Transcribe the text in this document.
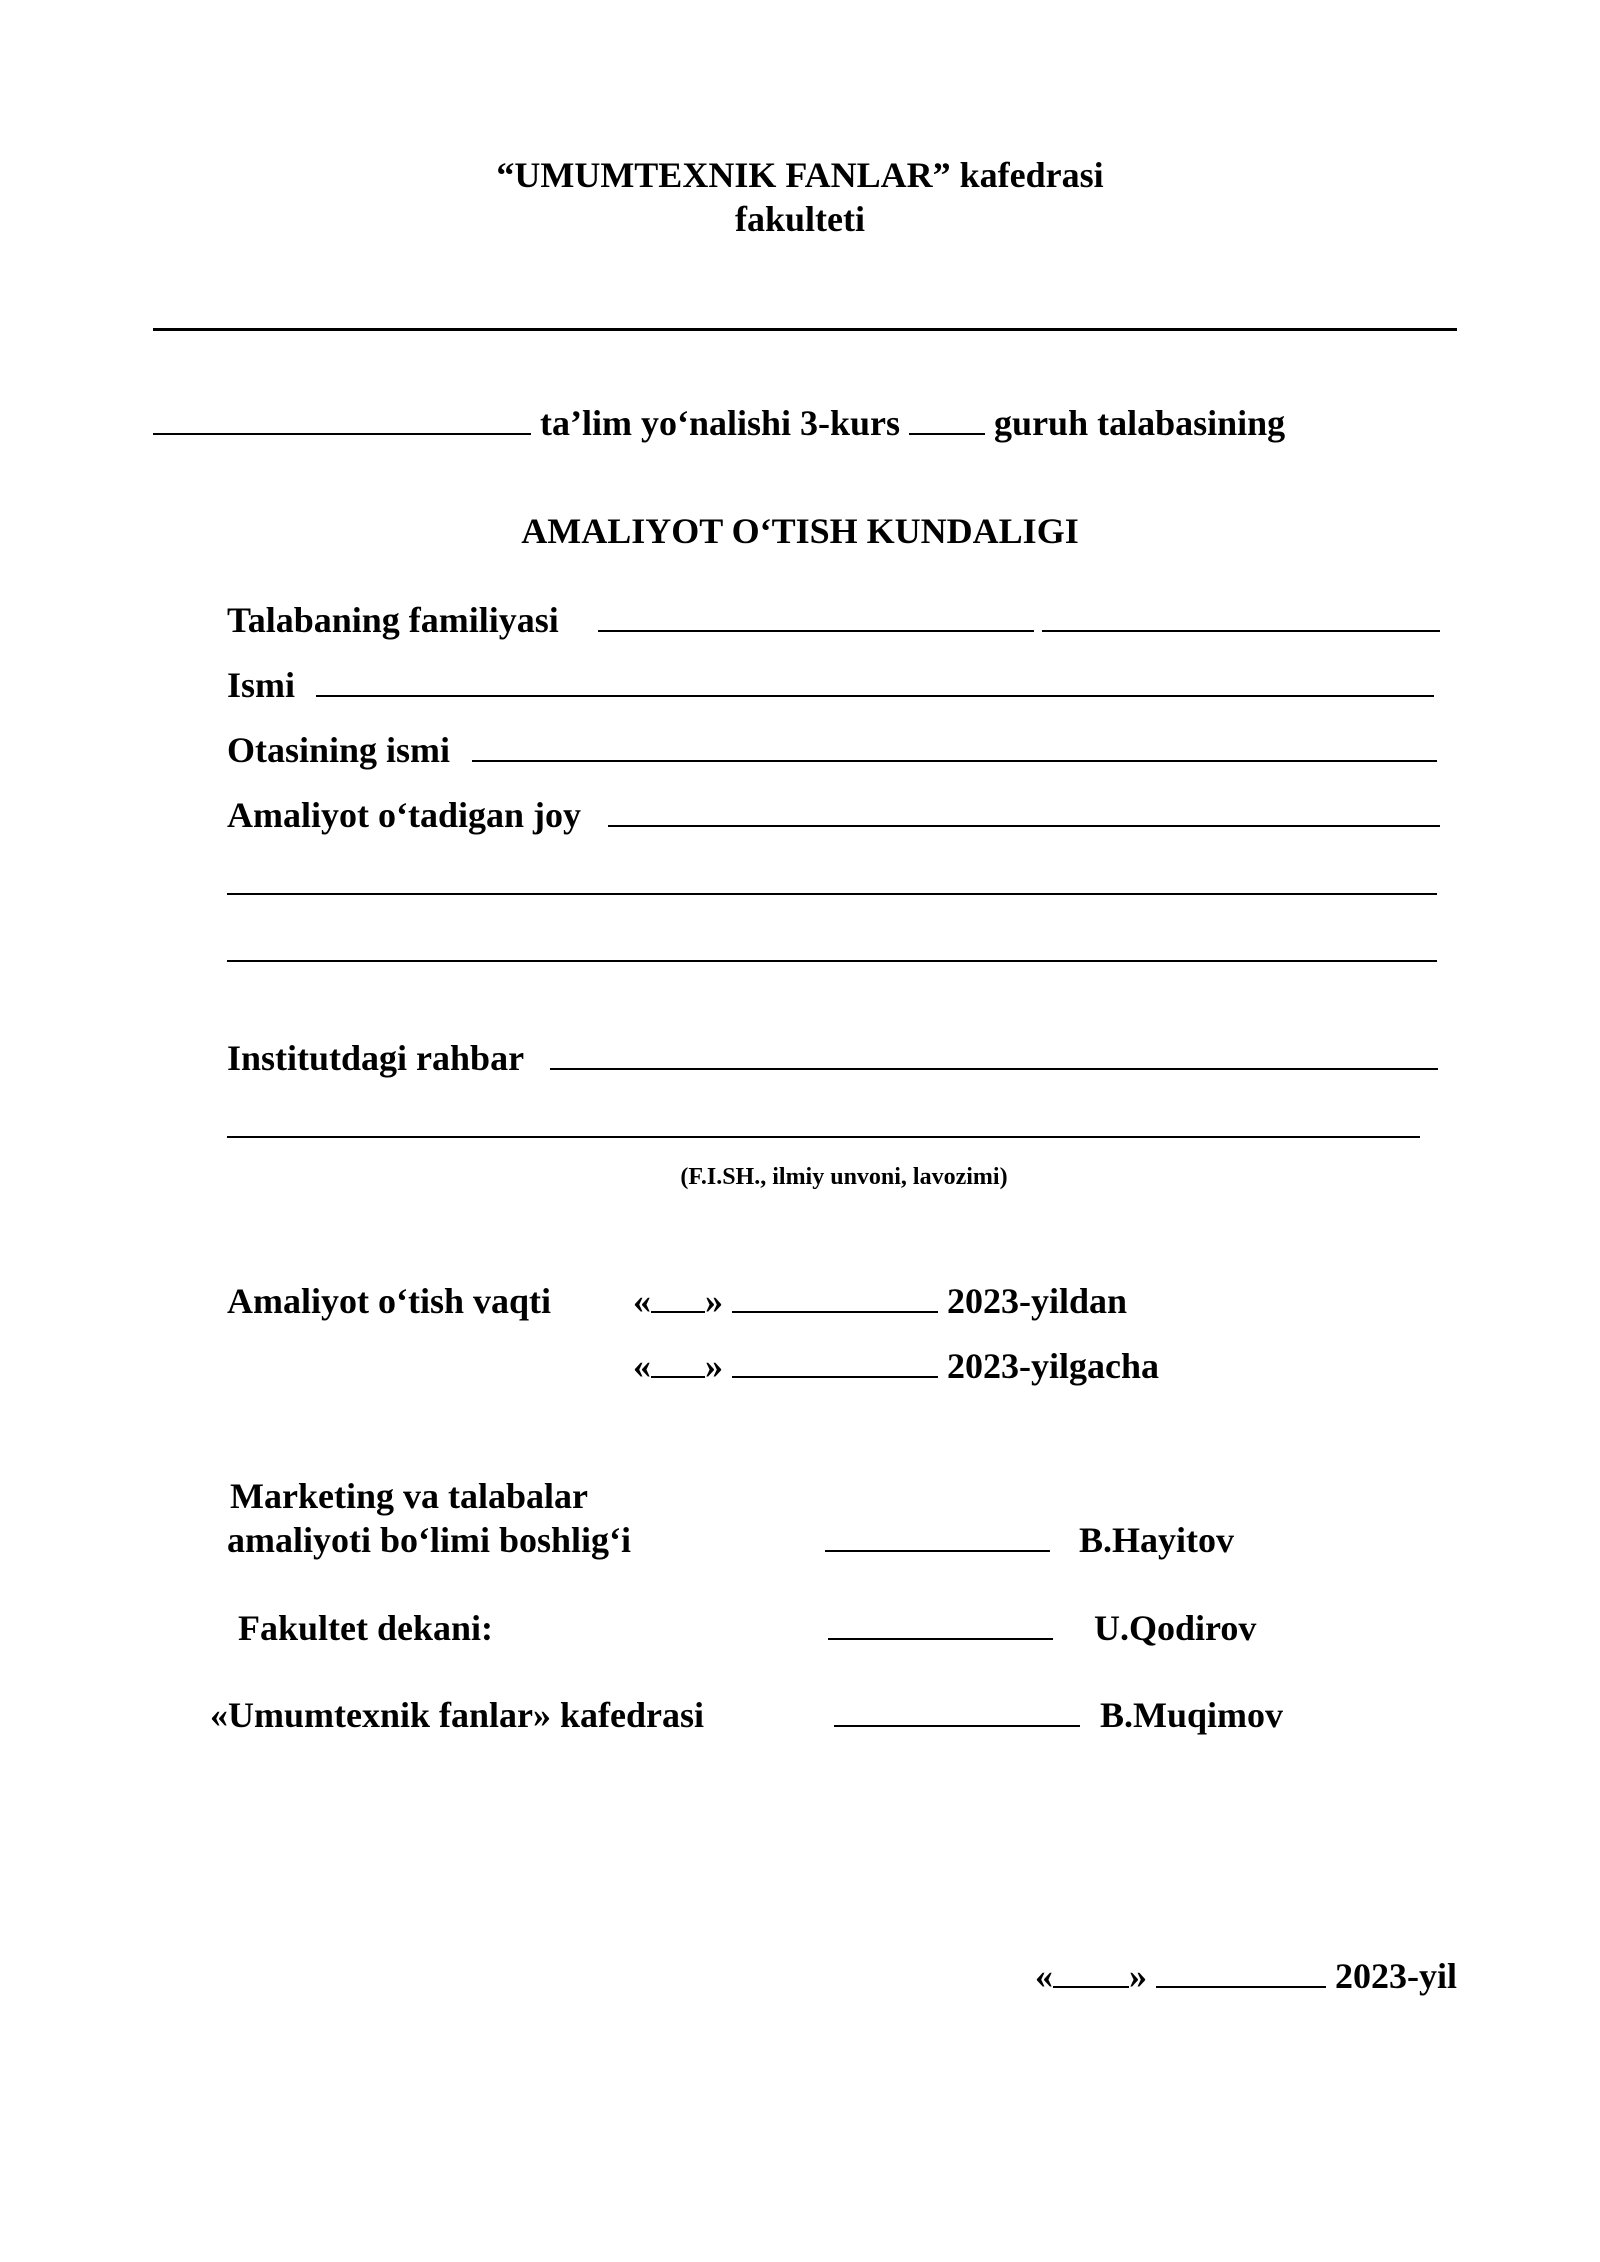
“UMUMTEXNIK FANLAR” kafedrasi
fakulteti
ta’lim yo‘nalishi 3-kurs	guruh talabasining
AMALIYOT O‘TISH KUNDALIGI
Talabaning familiyasi
Ismi
Otasining ismi
Amaliyot o‘tadigan joy
Institutdagi rahbar
(F.I.SH., ilmiy unvoni, lavozimi)
Amaliyot o‘tish vaqti « »	2023-yildan
« »	2023-yilgacha
Marketing va talabalar
amaliyoti bo‘limi boshlig‘i	B.Hayitov
Fakultet dekani:	U.Qodirov
«Umumtexnik fanlar» kafedrasi	B.Muqimov
« »	2023-yil
